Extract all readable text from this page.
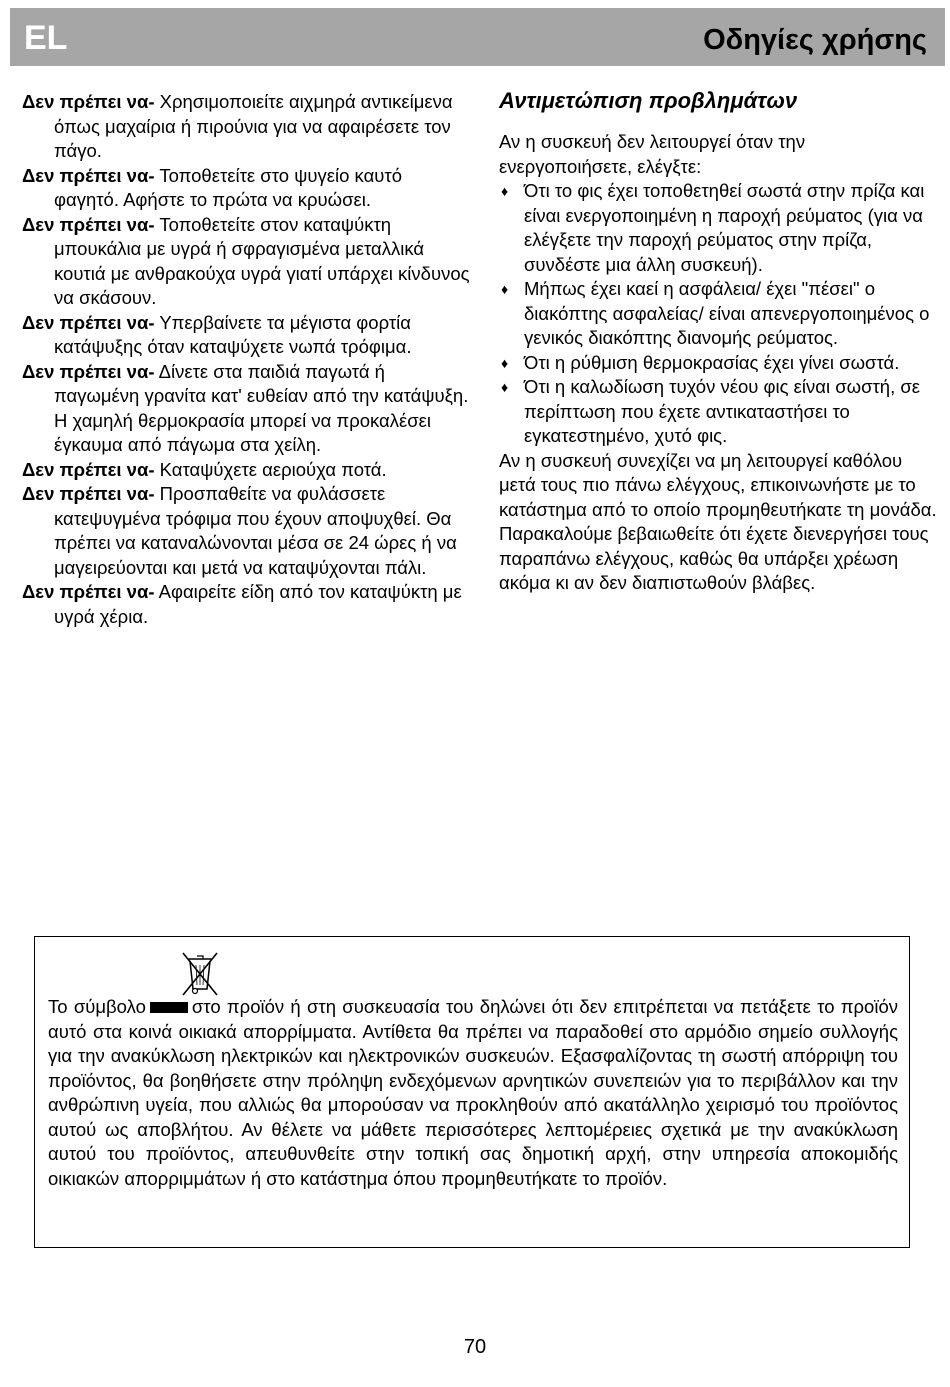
EL	Οδηγίες χρήσης

Δεν πρέπει να- Χρησιμοποιείτε αιχμηρά αντικείμενα όπως μαχαίρια ή πιρούνια για να αφαιρέσετε τον πάγο.

Δεν πρέπει να- Τοποθετείτε στο ψυγείο καυτό φαγητό. Αφήστε το πρώτα να κρυώσει.

Δεν πρέπει να- Τοποθετείτε στον καταψύκτη μπουκάλια με υγρά ή σφραγισμένα μεταλλικά κουτιά με ανθρακούχα υγρά γιατί υπάρχει κίνδυνος να σκάσουν.

Δεν πρέπει να- Υπερβαίνετε τα μέγιστα φορτία κατάψυξης όταν καταψύχετε νωπά τρόφιμα.

Δεν πρέπει να- Δίνετε στα παιδιά παγωτά ή παγωμένη γρανίτα κατ' ευθείαν από την κατάψυξη. Η χαμηλή θερμοκρασία μπορεί να προκαλέσει έγκαυμα από πάγωμα στα χείλη.

Δεν πρέπει να- Καταψύχετε αεριούχα ποτά.

Δεν πρέπει να- Προσπαθείτε να φυλάσσετε κατεψυγμένα τρόφιμα που έχουν αποψυχθεί. Θα πρέπει να καταναλώνονται μέσα σε 24 ώρες ή να μαγειρεύονται και μετά να καταψύχονται πάλι.

Δεν πρέπει να- Αφαιρείτε είδη από τον καταψύκτη με υγρά χέρια.

Αντιμετώπιση προβλημάτων

Αν η συσκευή δεν λειτουργεί όταν την ενεργοποιήσετε, ελέγξτε:

♦ Ότι το φις έχει τοποθετηθεί σωστά στην πρίζα και είναι ενεργοποιημένη η παροχή ρεύματος (για να ελέγξετε την παροχή ρεύματος στην πρίζα, συνδέστε μια άλλη συσκευή).
♦ Μήπως έχει καεί η ασφάλεια/ έχει "πέσει" ο διακόπτης ασφαλείας/ είναι απενεργοποιημένος ο γενικός διακόπτης διανομής ρεύματος.
♦ Ότι η ρύθμιση θερμοκρασίας έχει γίνει σωστά.
♦ Ότι η καλωδίωση τυχόν νέου φις είναι σωστή, σε περίπτωση που έχετε αντικαταστήσει το εγκατεστημένο, χυτό φις.

Αν η συσκευή συνεχίζει να μη λειτουργεί καθόλου μετά τους πιο πάνω ελέγχους, επικοινωνήστε με το κατάστημα από το οποίο προμηθευτήκατε τη μονάδα.

Παρακαλούμε βεβαιωθείτε ότι έχετε διενεργήσει τους παραπάνω ελέγχους, καθώς θα υπάρξει χρέωση ακόμα κι αν δεν διαπιστωθούν βλάβες.

Το σύμβολο στο προϊόν ή στη συσκευασία του δηλώνει ότι δεν επιτρέπεται να πετάξετε το προϊόν αυτό στα κοινά οικιακά απορρίμματα. Αντίθετα θα πρέπει να παραδοθεί στο αρμόδιο σημείο συλλογής για την ανακύκλωση ηλεκτρικών και ηλεκτρονικών συσκευών. Εξασφαλίζοντας τη σωστή απόρριψη του προϊόντος, θα βοηθήσετε στην πρόληψη ενδεχόμενων αρνητικών συνεπειών για το περιβάλλον και την ανθρώπινη υγεία, που αλλιώς θα μπορούσαν να προκληθούν από ακατάλληλο χειρισμό του προϊόντος αυτού ως αποβλήτου. Αν θέλετε να μάθετε περισσότερες λεπτομέρειες σχετικά με την ανακύκλωση αυτού του προϊόντος, απευθυνθείτε στην τοπική σας δημοτική αρχή, στην υπηρεσία αποκομιδής οικιακών απορριμμάτων ή στο κατάστημα όπου προμηθευτήκατε το προϊόν.

70
